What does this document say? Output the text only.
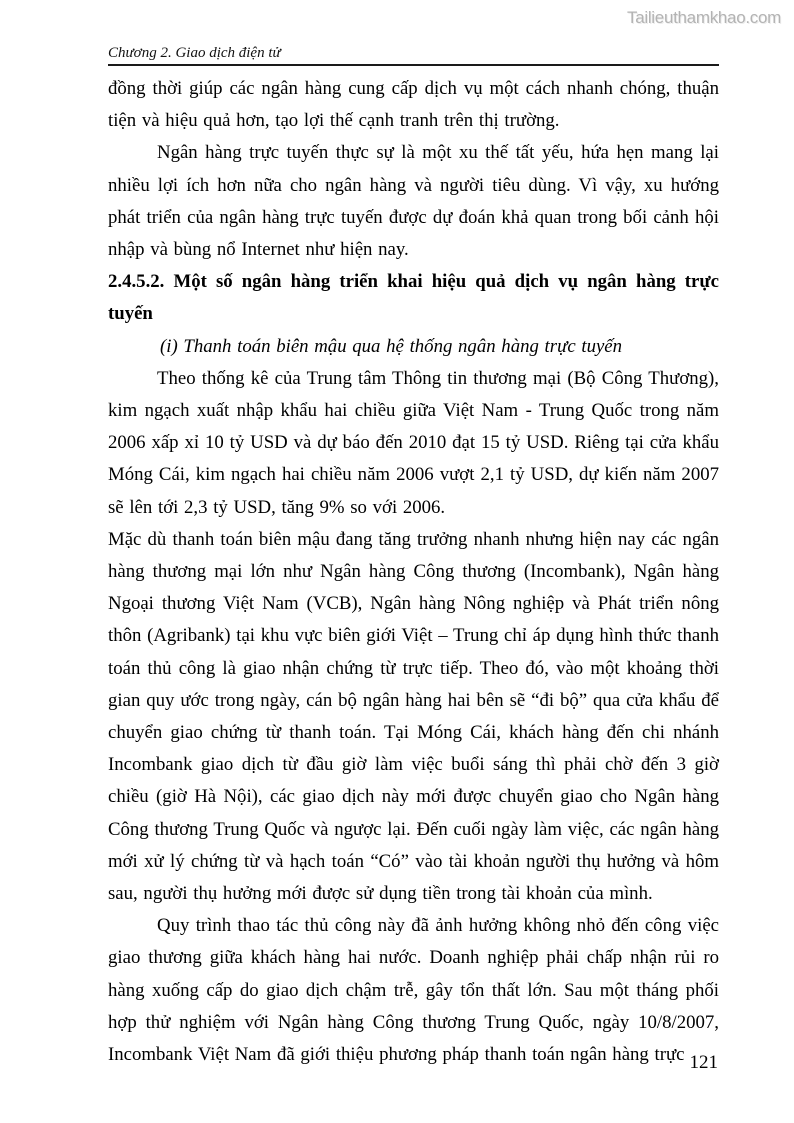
Tailieuthamkhao.com
Chương 2. Giao dịch điện tử

đồng thời giúp các ngân hàng cung cấp dịch vụ một cách nhanh chóng, thuận tiện và hiệu quả hơn, tạo lợi thế cạnh tranh trên thị trường.

Ngân hàng trực tuyến thực sự là một xu thế tất yếu, hứa hẹn mang lại nhiều lợi ích hơn nữa cho ngân hàng và người tiêu dùng. Vì vậy, xu hướng phát triển của ngân hàng trực tuyến được dự đoán khả quan trong bối cảnh hội nhập và bùng nổ Internet như hiện nay.

2.4.5.2. Một số ngân hàng triển khai hiệu quả dịch vụ ngân hàng trực tuyến

(i) Thanh toán biên mậu qua hệ thống ngân hàng trực tuyến

Theo thống kê của Trung tâm Thông tin thương mại (Bộ Công Thương), kim ngạch xuất nhập khẩu hai chiều giữa Việt Nam - Trung Quốc trong năm 2006 xấp xỉ 10 tỷ USD và dự báo đến 2010 đạt 15 tỷ USD. Riêng tại cửa khẩu Móng Cái, kim ngạch hai chiều năm 2006 vượt 2,1 tỷ USD, dự kiến năm 2007 sẽ lên tới 2,3 tỷ USD, tăng 9% so với 2006.

Mặc dù thanh toán biên mậu đang tăng trưởng nhanh nhưng hiện nay các ngân hàng thương mại lớn như Ngân hàng Công thương (Incombank), Ngân hàng Ngoại thương Việt Nam (VCB), Ngân hàng Nông nghiệp và Phát triển nông thôn (Agribank) tại khu vực biên giới Việt – Trung chỉ áp dụng hình thức thanh toán thủ công là giao nhận chứng từ trực tiếp. Theo đó, vào một khoảng thời gian quy ước trong ngày, cán bộ ngân hàng hai bên sẽ “đi bộ” qua cửa khẩu để chuyển giao chứng từ thanh toán. Tại Móng Cái, khách hàng đến chi nhánh Incombank giao dịch từ đầu giờ làm việc buổi sáng thì phải chờ đến 3 giờ chiều (giờ Hà Nội), các giao dịch này mới được chuyển giao cho Ngân hàng Công thương Trung Quốc và ngược lại. Đến cuối ngày làm việc, các ngân hàng mới xử lý chứng từ và hạch toán “Có” vào tài khoản người thụ hưởng và hôm sau, người thụ hưởng mới được sử dụng tiền trong tài khoản của mình.

Quy trình thao tác thủ công này đã ảnh hưởng không nhỏ đến công việc giao thương giữa khách hàng hai nước. Doanh nghiệp phải chấp nhận rủi ro hàng xuống cấp do giao dịch chậm trễ, gây tổn thất lớn. Sau một tháng phối hợp thử nghiệm với Ngân hàng Công thương Trung Quốc, ngày 10/8/2007, Incombank Việt Nam đã giới thiệu phương pháp thanh toán ngân hàng trực 121
